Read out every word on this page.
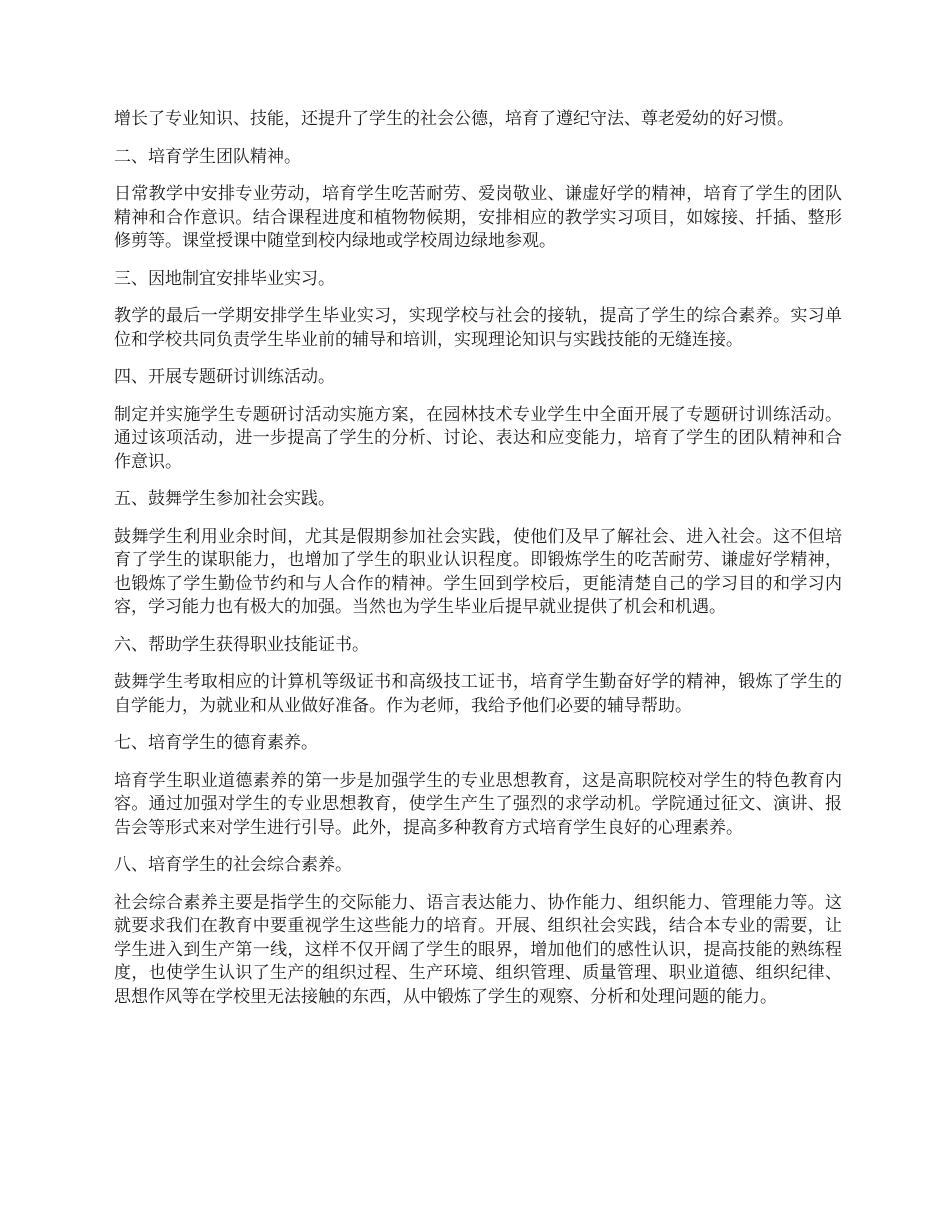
增长了专业知识、技能，还提升了学生的社会公德，培育了遵纪守法、尊老爱幼的好习惯。

二、培育学生团队精神。

日常教学中安排专业劳动，培育学生吃苦耐劳、爱岗敬业、谦虚好学的精神，培育了学生的团队精神和合作意识。结合课程进度和植物物候期，安排相应的教学实习项目，如嫁接、扦插、整形修剪等。课堂授课中随堂到校内绿地或学校周边绿地参观。

三、因地制宜安排毕业实习。

教学的最后一学期安排学生毕业实习，实现学校与社会的接轨，提高了学生的综合素养。实习单位和学校共同负责学生毕业前的辅导和培训，实现理论知识与实践技能的无缝连接。

四、开展专题研讨训练活动。

制定并实施学生专题研讨活动实施方案，在园林技术专业学生中全面开展了专题研讨训练活动。通过该项活动，进一步提高了学生的分析、讨论、表达和应变能力，培育了学生的团队精神和合作意识。

五、鼓舞学生参加社会实践。

鼓舞学生利用业余时间，尤其是假期参加社会实践，使他们及早了解社会、进入社会。这不但培育了学生的谋职能力，也增加了学生的职业认识程度。即锻炼学生的吃苦耐劳、谦虚好学精神，也锻炼了学生勤俭节约和与人合作的精神。学生回到学校后，更能清楚自己的学习目的和学习内容，学习能力也有极大的加强。当然也为学生毕业后提早就业提供了机会和机遇。

六、帮助学生获得职业技能证书。

鼓舞学生考取相应的计算机等级证书和高级技工证书，培育学生勤奋好学的精神，锻炼了学生的自学能力，为就业和从业做好准备。作为老师，我给予他们必要的辅导帮助。

七、培育学生的德育素养。

培育学生职业道德素养的第一步是加强学生的专业思想教育，这是高职院校对学生的特色教育内容。通过加强对学生的专业思想教育，使学生产生了强烈的求学动机。学院通过征文、演讲、报告会等形式来对学生进行引导。此外，提高多种教育方式培育学生良好的心理素养。

八、培育学生的社会综合素养。

社会综合素养主要是指学生的交际能力、语言表达能力、协作能力、组织能力、管理能力等。这就要求我们在教育中要重视学生这些能力的培育。开展、组织社会实践，结合本专业的需要，让学生进入到生产第一线，这样不仅开阔了学生的眼界，增加他们的感性认识，提高技能的熟练程度，也使学生认识了生产的组织过程、生产环境、组织管理、质量管理、职业道德、组织纪律、思想作风等在学校里无法接触的东西，从中锻炼了学生的观察、分析和处理问题的能力。
